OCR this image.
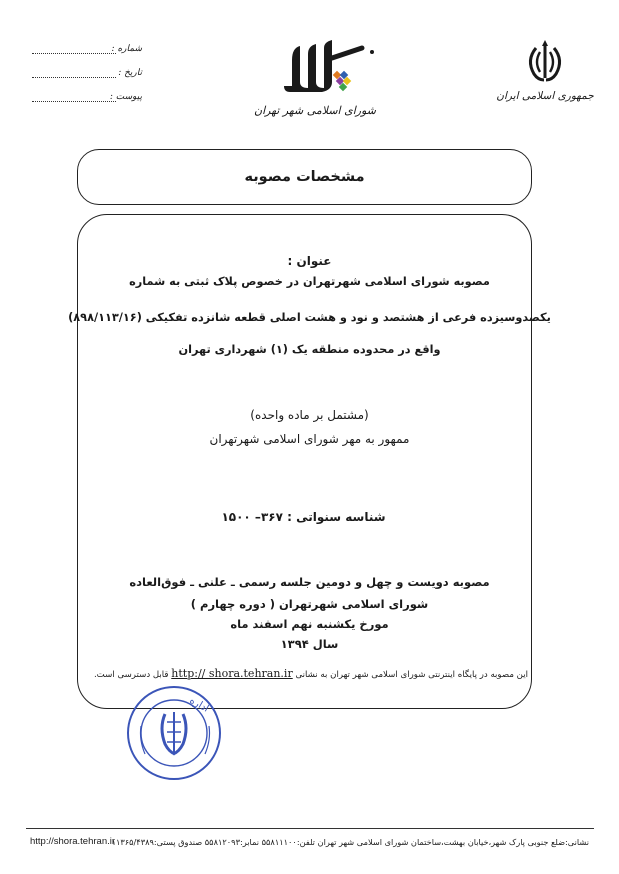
شماره :
تاریخ :
پیوست :
شورای اسلامی شهر تهران
جمهوری اسلامی ایران
مشخصات مصوبه
عنوان :
مصوبه شورای اسلامی شهرتهران در خصوص پلاک ثبتی به شماره
یکصدوسیزده فرعی از هشتصد و نود و هشت اصلی قطعه شانزده تفکیکی (۸۹۸/۱۱۳/۱۶)
واقع در محدوده منطقه یک (۱) شهرداری تهران
(مشتمل بر ماده واحده)
ممهور به مهر شورای اسلامی شهرتهران
شناسه سنواتی : ۳۶۷– ۱۵۰۰
مصوبه دویست و چهل و دومین جلسه رسمی ـ علنی ـ فوق‌العاده
شورای اسلامی شهرتهران ( دوره چهارم )
مورخ یکشنبه نهم اسفند ماه
سال ۱۳۹۴
این مصوبه در پایگاه اینترنتی شورای اسلامی شهر تهران به نشانی http:// shora.tehran.ir قابل دسترسی است.
اداره
http://shora.tehran.ir
نشانی:ضلع جنوبی پارک شهر،خیابان بهشت،ساختمان شورای اسلامی شهر تهران تلفن:۵۵۸۱۱۱۰۰ نمابر:۵۵۸۱۲۰۹۳ صندوق پستی:۱۱۳۶۵/۴۳۸۹
